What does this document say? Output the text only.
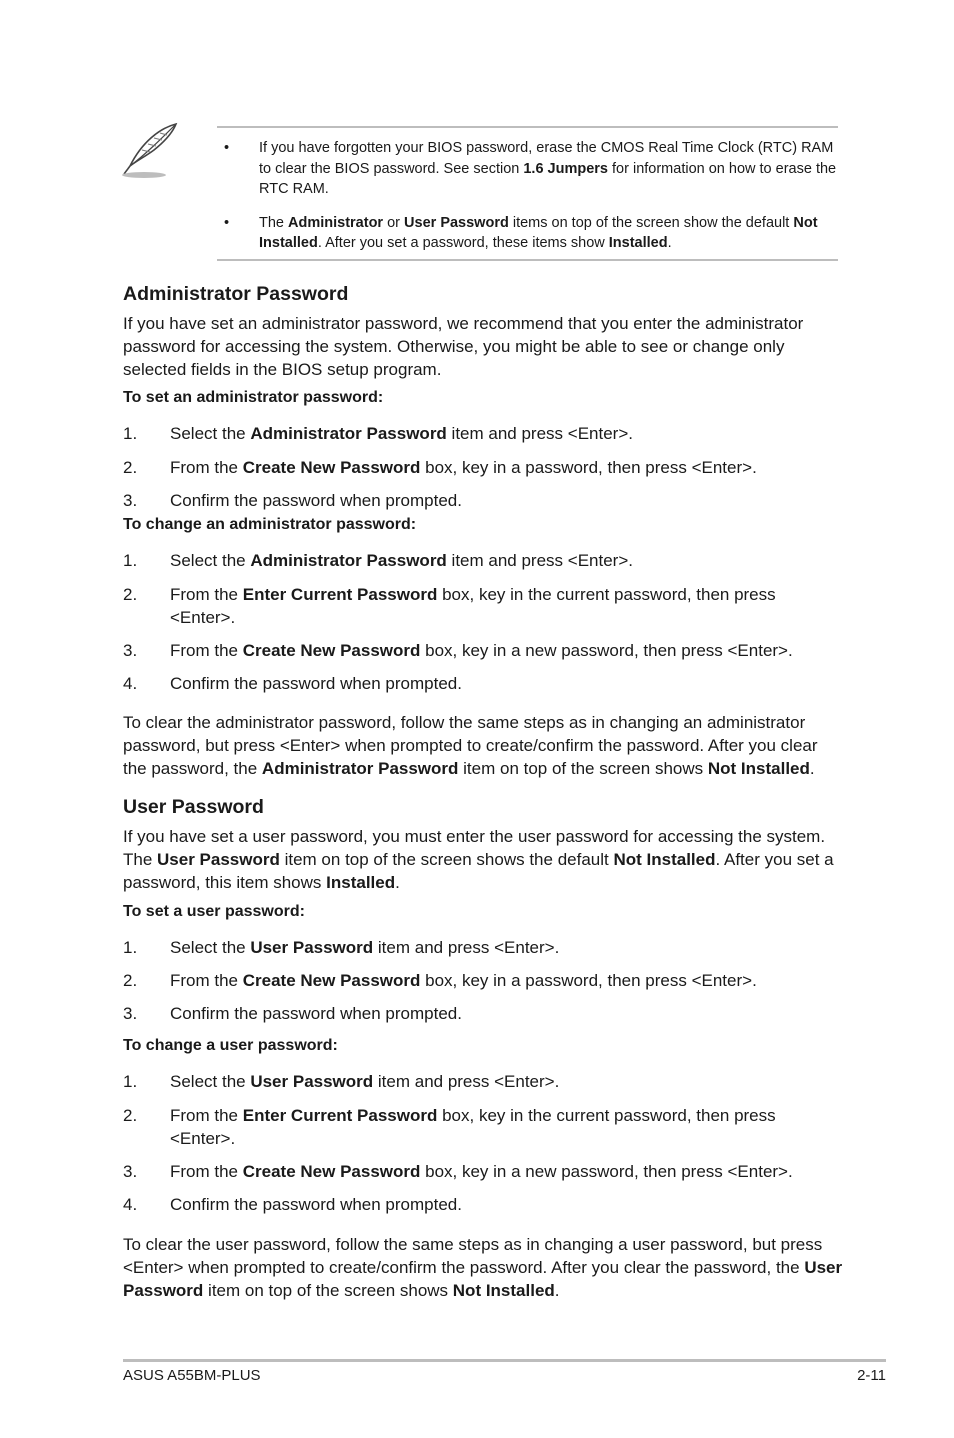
• If you have forgotten your BIOS password, erase the CMOS Real Time Clock (RTC) RAM to clear the BIOS password. See section 1.6 Jumpers for information on how to erase the RTC RAM.
• The Administrator or User Password items on top of the screen show the default Not Installed. After you set a password, these items show Installed.
Administrator Password

If you have set an administrator password, we recommend that you enter the administrator password for accessing the system. Otherwise, you might be able to see or change only selected fields in the BIOS setup program.

To set an administrator password:

1. Select the Administrator Password item and press <Enter>.
2. From the Create New Password box, key in a password, then press <Enter>.
3. Confirm the password when prompted.

To change an administrator password:

1. Select the Administrator Password item and press <Enter>.
2. From the Enter Current Password box, key in the current password, then press <Enter>.
3. From the Create New Password box, key in a new password, then press <Enter>.
4. Confirm the password when prompted.

To clear the administrator password, follow the same steps as in changing an administrator password, but press <Enter> when prompted to create/confirm the password. After you clear the password, the Administrator Password item on top of the screen shows Not Installed.

User Password

If you have set a user password, you must enter the user password for accessing the system. The User Password item on top of the screen shows the default Not Installed. After you set a password, this item shows Installed.

To set a user password:

1. Select the User Password item and press <Enter>.
2. From the Create New Password box, key in a password, then press <Enter>.
3. Confirm the password when prompted.

To change a user password:

1. Select the User Password item and press <Enter>.
2. From the Enter Current Password box, key in the current password, then press <Enter>.
3. From the Create New Password box, key in a new password, then press <Enter>.
4. Confirm the password when prompted.

To clear the user password, follow the same steps as in changing a user password, but press <Enter> when prompted to create/confirm the password. After you clear the password, the User Password item on top of the screen shows Not Installed.

ASUS A55BM-PLUS	2-11
